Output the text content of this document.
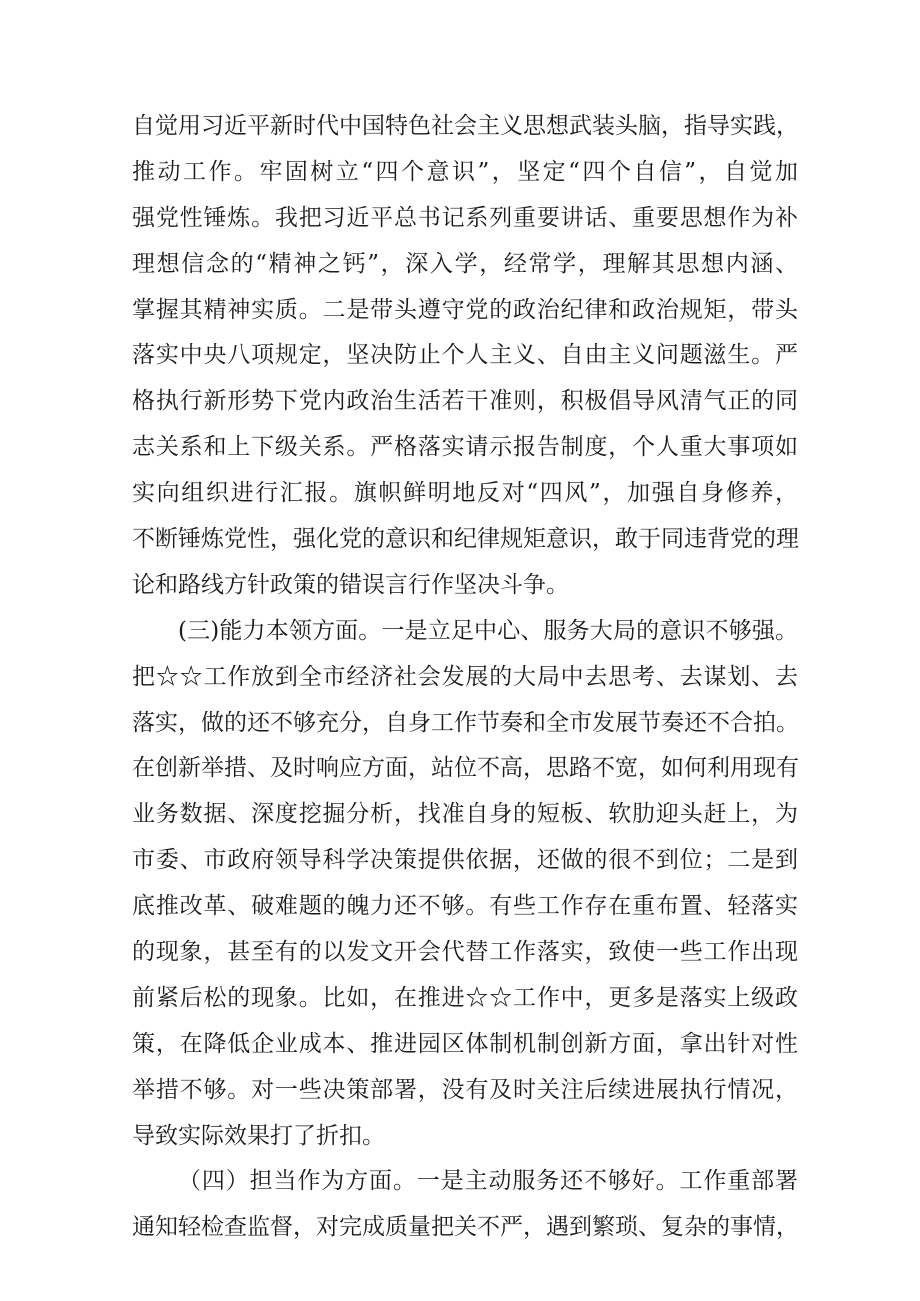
自觉用习近平新时代中国特色社会主义思想武装头脑，指导实践，
推动工作。牢固树立“四个意识”，坚定“四个自信”，自觉加
强党性锤炼。我把习近平总书记系列重要讲话、重要思想作为补
理想信念的“精神之钙”，深入学，经常学，理解其思想内涵、
掌握其精神实质。二是带头遵守党的政治纪律和政治规矩，带头
落实中央八项规定，坚决防止个人主义、自由主义问题滋生。严
格执行新形势下党内政治生活若干准则，积极倡导风清气正的同
志关系和上下级关系。严格落实请示报告制度，个人重大事项如
实向组织进行汇报。旗帜鲜明地反对“四风”，加强自身修养，
不断锤炼党性，强化党的意识和纪律规矩意识，敢于同违背党的理
论和路线方针政策的错误言行作坚决斗争。
(三)能力本领方面。一是立足中心、服务大局的意识不够强。
把☆☆工作放到全市经济社会发展的大局中去思考、去谋划、去
落实，做的还不够充分，自身工作节奏和全市发展节奏还不合拍。
在创新举措、及时响应方面，站位不高，思路不宽，如何利用现有
业务数据、深度挖掘分析，找准自身的短板、软肋迎头赶上，为
市委、市政府领导科学决策提供依据，还做的很不到位；二是到
底推改革、破难题的魄力还不够。有些工作存在重布置、轻落实
的现象，甚至有的以发文开会代替工作落实，致使一些工作出现
前紧后松的现象。比如，在推进☆☆工作中，更多是落实上级政
策，在降低企业成本、推进园区体制机制创新方面，拿出针对性
举措不够。对一些决策部署，没有及时关注后续进展执行情况，
导致实际效果打了折扣。
（四）担当作为方面。一是主动服务还不够好。工作重部署
通知轻检查监督，对完成质量把关不严，遇到繁琐、复杂的事情，
